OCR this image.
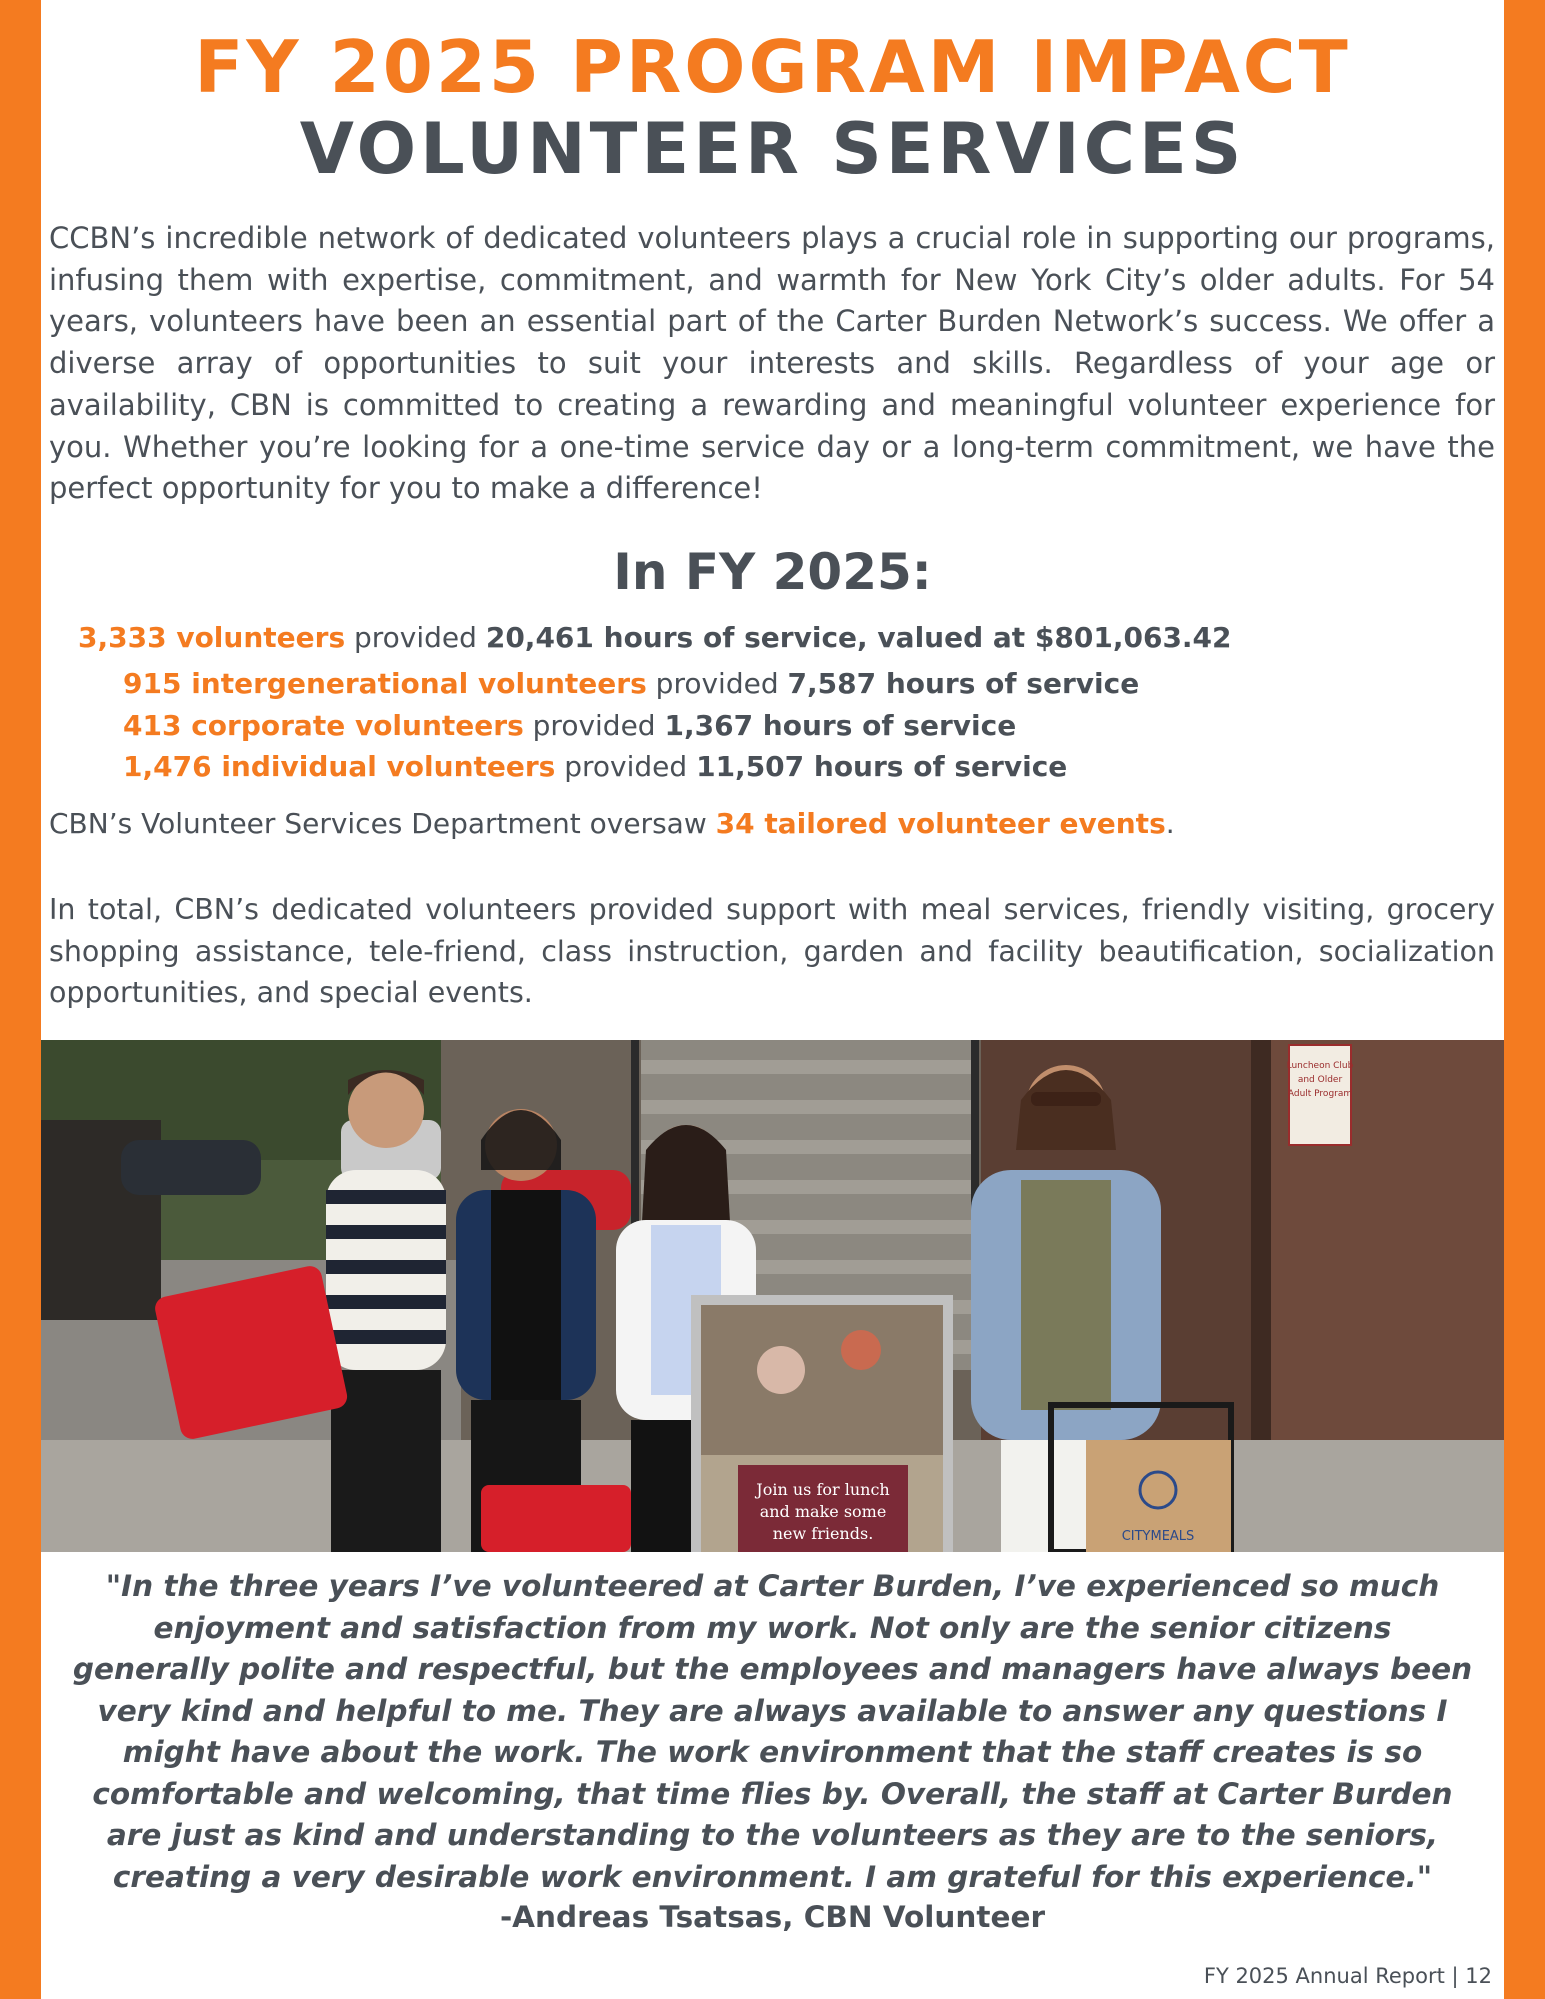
FY 2025 PROGRAM IMPACT
VOLUNTEER SERVICES

CCBN’s incredible network of dedicated volunteers plays a crucial role in supporting our programs, infusing them with expertise, commitment, and warmth for New York City’s older adults. For 54 years, volunteers have been an essential part of the Carter Burden Network’s success. We offer a diverse array of opportunities to suit your interests and skills. Regardless of your age or availability, CBN is committed to creating a rewarding and meaningful volunteer experience for you. Whether you’re looking for a one-time service day or a long-term commitment, we have the perfect opportunity for you to make a difference!

In FY 2025:
3,333 volunteers provided 20,461 hours of service, valued at $801,063.42
915 intergenerational volunteers provided 7,587 hours of service
413 corporate volunteers provided 1,367 hours of service
1,476 individual volunteers provided 11,507 hours of service
CBN’s Volunteer Services Department oversaw 34 tailored volunteer events.

In total, CBN’s dedicated volunteers provided support with meal services, friendly visiting, grocery shopping assistance, tele-friend, class instruction, garden and facility beautification, socialization opportunities, and special events.

Luncheon Club
and Older
Adult Program
Join us for lunch
and make some
new friends.	CITYMEALS

"In the three years I’ve volunteered at Carter Burden, I’ve experienced so much enjoyment and satisfaction from my work. Not only are the senior citizens generally polite and respectful, but the employees and managers have always been very kind and helpful to me. They are always available to answer any questions I might have about the work. The work environment that the staff creates is so comfortable and welcoming, that time flies by. Overall, the staff at Carter Burden are just as kind and understanding to the volunteers as they are to the seniors, creating a very desirable work environment. I am grateful for this experience."

-Andreas Tsatsas, CBN Volunteer
FY 2025 Annual Report | 12
